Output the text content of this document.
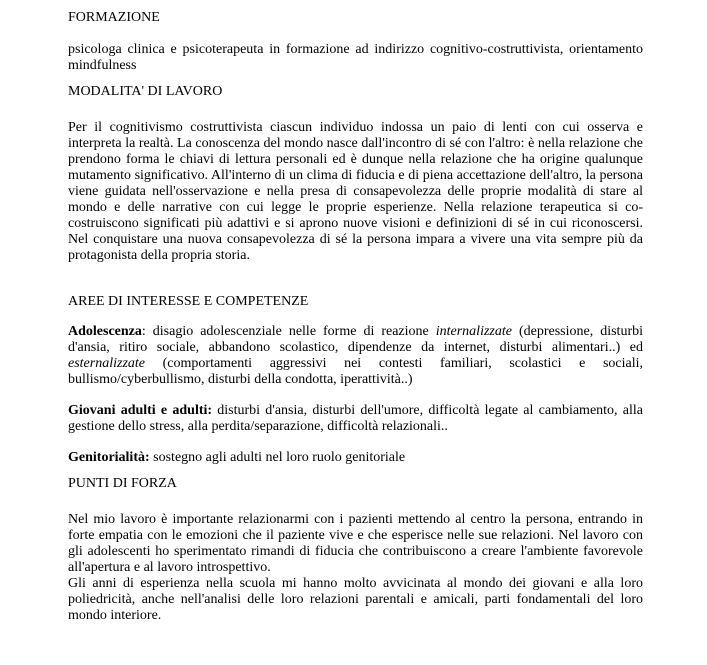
FORMAZIONE

psicologa clinica e psicoterapeuta in formazione ad indirizzo cognitivo-costruttivista, orientamento mindfulness

MODALITA' DI LAVORO

Per il cognitivismo costruttivista ciascun individuo indossa un paio di lenti con cui osserva e interpreta la realtà. La conoscenza del mondo nasce dall'incontro di sé con l'altro: è nella relazione che prendono forma le chiavi di lettura personali ed è dunque nella relazione che ha origine qualunque mutamento significativo. All'interno di un clima di fiducia e di piena accettazione dell'altro, la persona viene guidata nell'osservazione e nella presa di consapevolezza delle proprie modalità di stare al mondo e delle narrative con cui legge le proprie esperienze. Nella relazione terapeutica si co-costruiscono significati più adattivi e si aprono nuove visioni e definizioni di sé in cui riconoscersi. Nel conquistare una nuova consapevolezza di sé la persona impara a vivere una vita sempre più da protagonista della propria storia.

AREE DI INTERESSE E COMPETENZE

Adolescenza: disagio adolescenziale nelle forme di reazione internalizzate (depressione, disturbi d'ansia, ritiro sociale, abbandono scolastico, dipendenze da internet, disturbi alimentari..) ed esternalizzate (comportamenti aggressivi nei contesti familiari, scolastici e sociali, bullismo/cyberbullismo, disturbi della condotta, iperattività..)

Giovani adulti e adulti: disturbi d'ansia, disturbi dell'umore, difficoltà legate al cambiamento, alla gestione dello stress, alla perdita/separazione, difficoltà relazionali..

Genitorialità: sostegno agli adulti nel loro ruolo genitoriale

PUNTI DI FORZA

Nel mio lavoro è importante relazionarmi con i pazienti mettendo al centro la persona, entrando in forte empatia con le emozioni che il paziente vive e che esperisce nelle sue relazioni. Nel lavoro con gli adolescenti ho sperimentato rimandi di fiducia che contribuiscono a creare l'ambiente favorevole all'apertura e al lavoro introspettivo.

Gli anni di esperienza nella scuola mi hanno molto avvicinata al mondo dei giovani e alla loro poliedricità, anche nell'analisi delle loro relazioni parentali e amicali, parti fondamentali del loro mondo interiore.
